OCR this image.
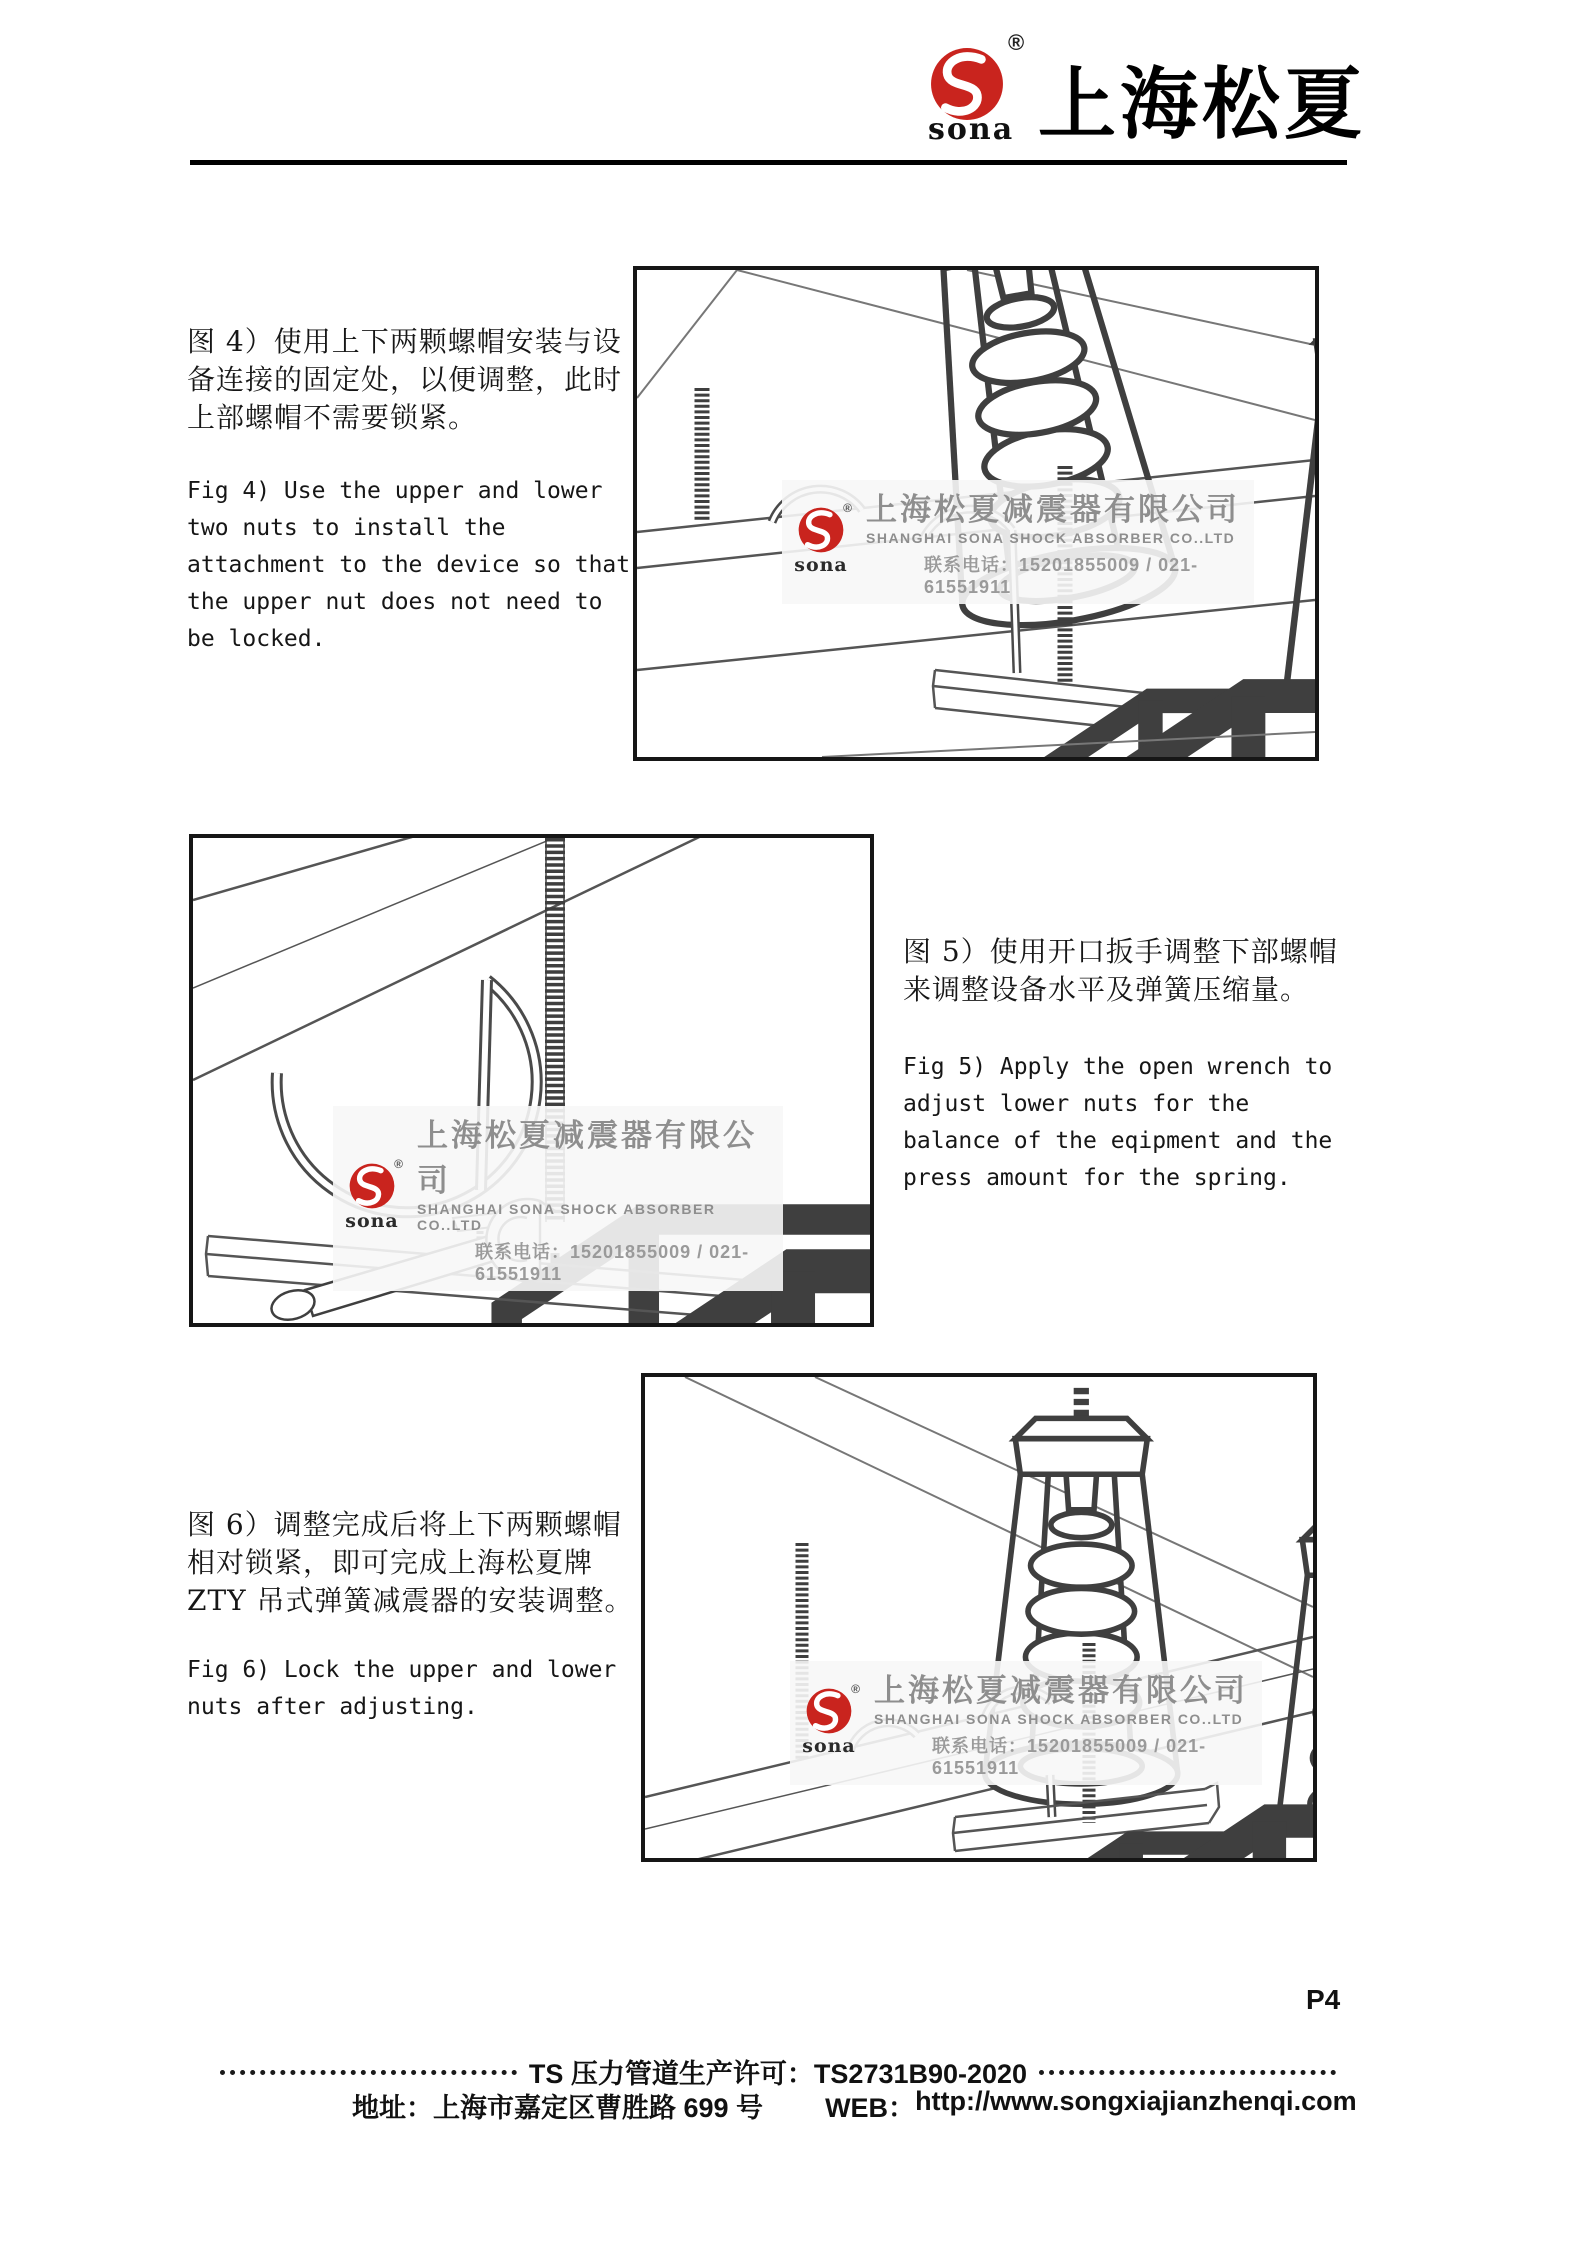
®
sona 上海松夏
图 4）使用上下两颗螺帽安装与设
备连接的固定处，以便调整，此时
上部螺帽不需要锁紧。
Fig 4) Use the upper and lower
two nuts to install the
attachment to the device so that
the upper nut does not need to
be locked.
®
sona
上海松夏减震器有限公司
SHANGHAI SONA SHOCK ABSORBER CO..LTD
联系电话：15201855009 / 021-61551911
®
sona
上海松夏减震器有限公司
SHANGHAI SONA SHOCK ABSORBER CO..LTD
联系电话：15201855009 / 021-61551911
图 5）使用开口扳手调整下部螺帽
来调整设备水平及弹簧压缩量。
Fig 5) Apply the open wrench to
adjust lower nuts for the
balance of the eqipment and the
press amount for the spring.
图 6）调整完成后将上下两颗螺帽
相对锁紧，即可完成上海松夏牌
ZTY 吊式弹簧减震器的安装调整。
Fig 6) Lock the upper and lower
nuts after adjusting.
®
sona
上海松夏减震器有限公司
SHANGHAI SONA SHOCK ABSORBER CO..LTD
联系电话：15201855009 / 021-61551911
P4
TS 压力管道生产许可：TS2731B90-2020
地址：上海市嘉定区曹胜路 699 号 WEB： http://www.songxiajianzhenqi.com
